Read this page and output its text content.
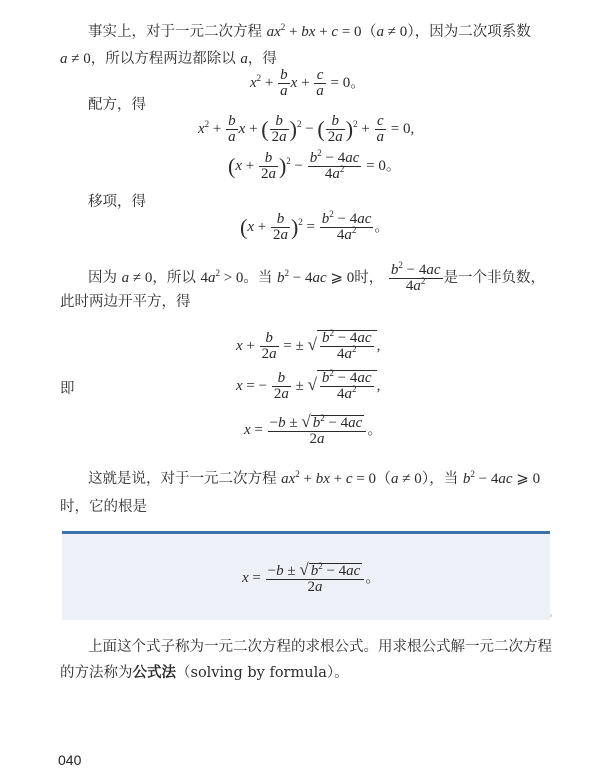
事实上，对于一元二次方程 $ax^2$ + bx + c = 0（a ≠ 0），因为二次项系数
a ≠ 0，所以方程两边都除以 a，得
$x^2 + \frac{b}{a}$ $x + \frac{c}{a} = 0$。
配方，得
$x^2 + \frac{b}{a}$ x + ( $\frac{b}{2a} )^2$ − ( $\frac{b}{2a} )^2 + \frac{c}{a} = 0$,
$(x + \frac{b}{2a} )^2 - \frac{b^2 - 4ac}{4a^2} = 0$。
移项，得
$(x + \frac{b}{2a} )^2 = \frac{b^2 - 4ac}{4a^2}$ 。
因为 a ≠ 0，所以 $4a^2 > 0$。当 $b^2 - 4ac$ ⩾ 0时， $\frac{b^2 - 4ac}{4a^2}$ 是一个非负数，
此时两边开平方，得
$x + \frac{b}{2a}$ = ± √ $\frac{b^2 - 4ac}{4a^2}$ ,
即	x = − $\frac{b}{2a}$ ± √ $\frac{b^2 - 4ac}{4a^2}$ ,
$x = \frac{-b \pm √ b^2 - 4ac}{2a}$ 。
这就是说，对于一元二次方程 $ax^2$ + bx + c = 0（a ≠ 0），当 $b^2 - 4ac$ ⩾ 0
时，它的根是
$x = \frac{-b \pm √ b^2 - 4ac}{2a}$ 。
上面这个式子称为一元二次方程的求根公式。用求根公式解一元二次方程
的方法称为公式法（solving by formula）。
040
